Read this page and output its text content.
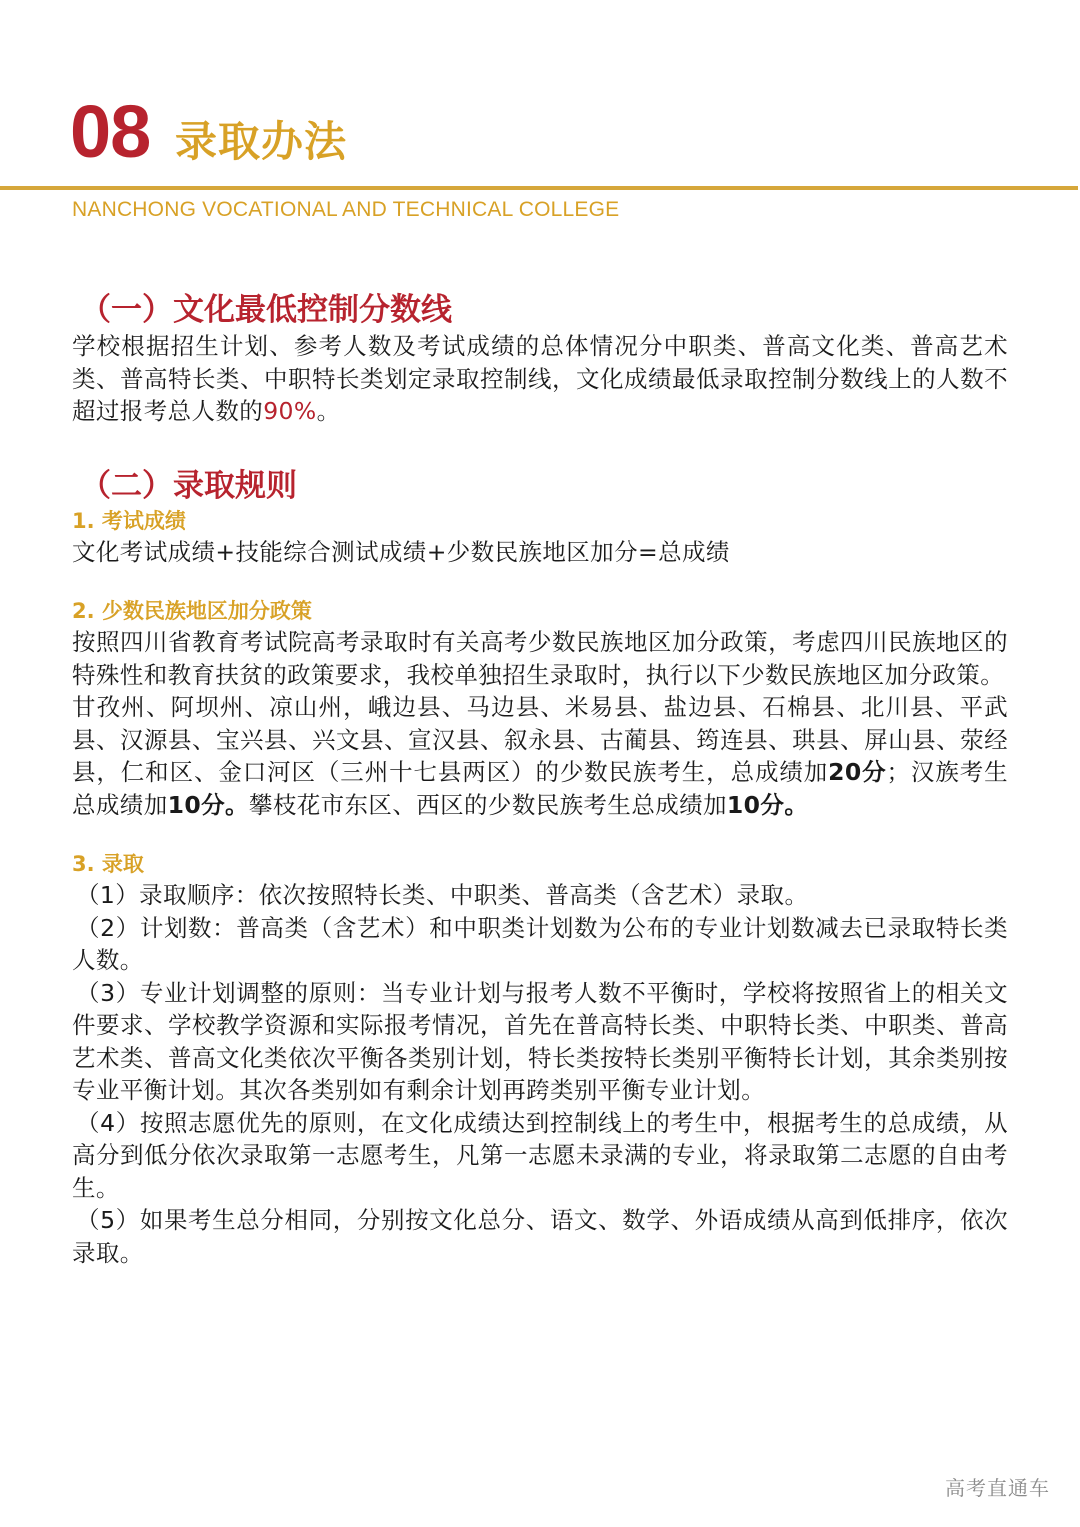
08 录取办法
NANCHONG VOCATIONAL AND TECHNICAL COLLEGE
（一）文化最低控制分数线

学校根据招生计划、参考人数及考试成绩的总体情况分中职类、普高文化类、普高艺术类、普高特长类、中职特长类划定录取控制线，文化成绩最低录取控制分数线上的人数不超过报考总人数的90%。

（二）录取规则
1. 考试成绩

文化考试成绩+技能综合测试成绩+少数民族地区加分=总成绩

2. 少数民族地区加分政策

按照四川省教育考试院高考录取时有关高考少数民族地区加分政策，考虑四川民族地区的特殊性和教育扶贫的政策要求，我校单独招生录取时，执行以下少数民族地区加分政策。

甘孜州、阿坝州、凉山州，峨边县、马边县、米易县、盐边县、石棉县、北川县、平武县、汉源县、宝兴县、兴文县、宣汉县、叙永县、古蔺县、筠连县、珙县、屏山县、荥经县，仁和区、金口河区（三州十七县两区）的少数民族考生，总成绩加20分；汉族考生总成绩加10分。攀枝花市东区、西区的少数民族考生总成绩加10分。

3. 录取

（1）录取顺序：依次按照特长类、中职类、普高类（含艺术）录取。

（2）计划数：普高类（含艺术）和中职类计划数为公布的专业计划数减去已录取特长类人数。

（3）专业计划调整的原则：当专业计划与报考人数不平衡时，学校将按照省上的相关文件要求、学校教学资源和实际报考情况，首先在普高特长类、中职特长类、中职类、普高艺术类、普高文化类依次平衡各类别计划，特长类按特长类别平衡特长计划，其余类别按专业平衡计划。其次各类别如有剩余计划再跨类别平衡专业计划。

（4）按照志愿优先的原则，在文化成绩达到控制线上的考生中，根据考生的总成绩，从高分到低分依次录取第一志愿考生，凡第一志愿未录满的专业，将录取第二志愿的自由考生。

（5）如果考生总分相同，分别按文化总分、语文、数学、外语成绩从高到低排序，依次录取。

高考直通车
